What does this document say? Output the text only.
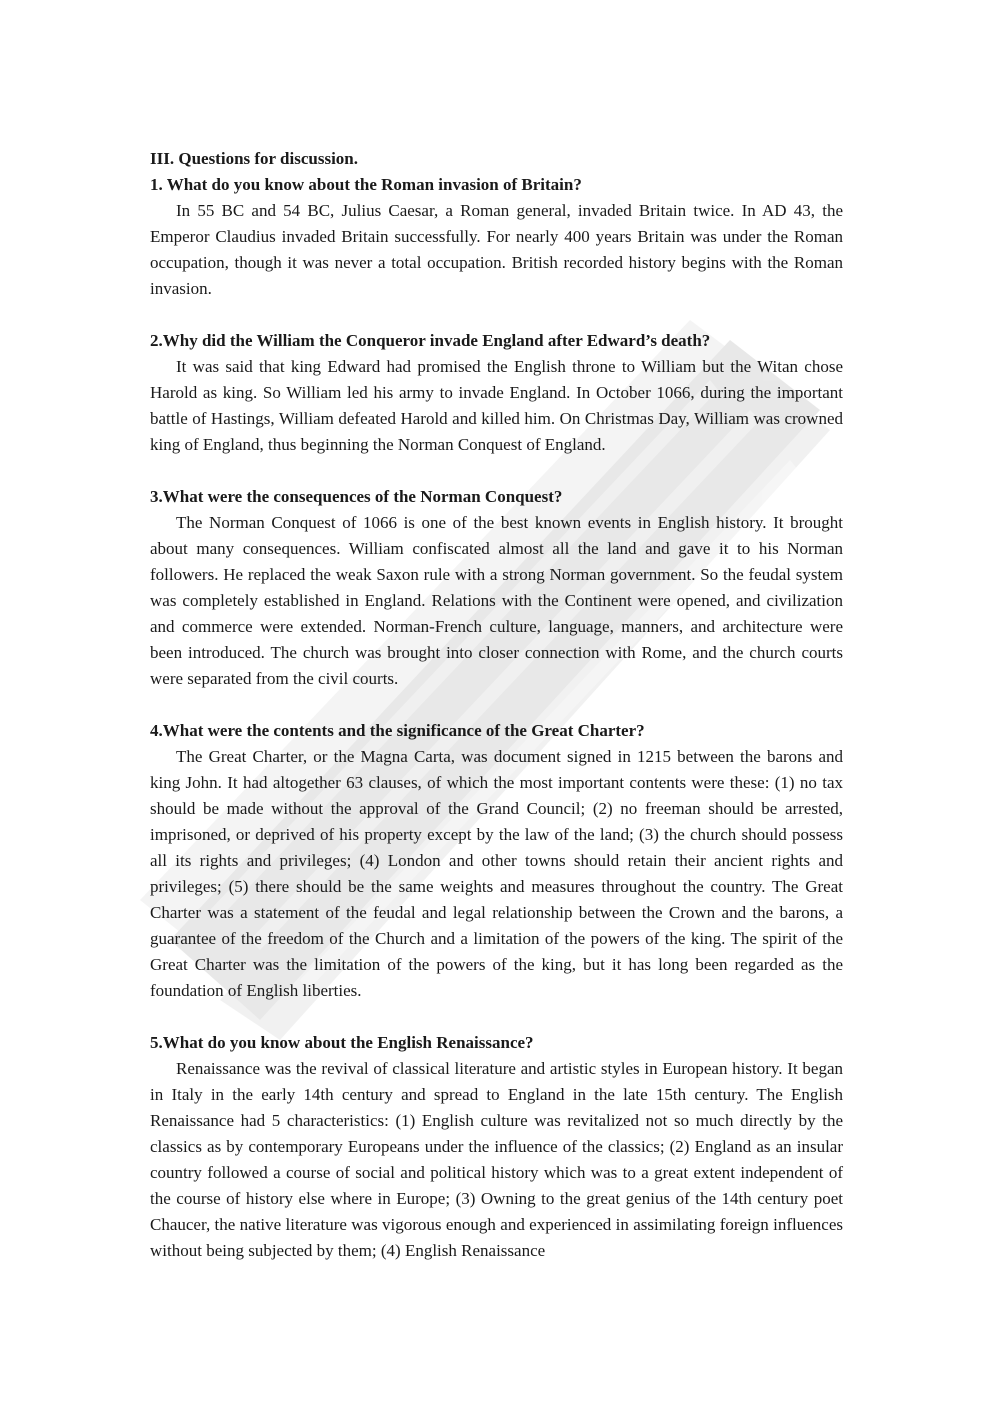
III. Questions for discussion.

1. What do you know about the Roman invasion of Britain?

In 55 BC and 54 BC, Julius Caesar, a Roman general, invaded Britain twice. In AD 43, the Emperor Claudius invaded Britain successfully. For nearly 400 years Britain was under the Roman occupation, though it was never a total occupation. British recorded history begins with the Roman invasion.

2.Why did the William the Conqueror invade England after Edward’s death?

It was said that king Edward had promised the English throne to William but the Witan chose Harold as king. So William led his army to invade England. In October 1066, during the important battle of Hastings, William defeated Harold and killed him. On Christmas Day, William was crowned king of England, thus beginning the Norman Conquest of England.

3.What were the consequences of the Norman Conquest?

The Norman Conquest of 1066 is one of the best known events in English history. It brought about many consequences. William confiscated almost all the land and gave it to his Norman followers. He replaced the weak Saxon rule with a strong Norman government. So the feudal system was completely established in England. Relations with the Continent were opened, and civilization and commerce were extended. Norman-French culture, language, manners, and architecture were been introduced. The church was brought into closer connection with Rome, and the church courts were separated from the civil courts.

4.What were the contents and the significance of the Great Charter?

The Great Charter, or the Magna Carta, was document signed in 1215 between the barons and king John. It had altogether 63 clauses, of which the most important contents were these: (1) no tax should be made without the approval of the Grand Council; (2) no freeman should be arrested, imprisoned, or deprived of his property except by the law of the land; (3) the church should possess all its rights and privileges; (4) London and other towns should retain their ancient rights and privileges; (5) there should be the same weights and measures throughout the country. The Great Charter was a statement of the feudal and legal relationship between the Crown and the barons, a guarantee of the freedom of the Church and a limitation of the powers of the king. The spirit of the Great Charter was the limitation of the powers of the king, but it has long been regarded as the foundation of English liberties.

5.What do you know about the English Renaissance?

Renaissance was the revival of classical literature and artistic styles in European history. It began in Italy in the early 14th century and spread to England in the late 15th century. The English Renaissance had 5 characteristics: (1) English culture was revitalized not so much directly by the classics as by contemporary Europeans under the influence of the classics; (2) England as an insular country followed a course of social and political history which was to a great extent independent of the course of history else where in Europe; (3) Owning to the great genius of the 14th century poet Chaucer, the native literature was vigorous enough and experienced in assimilating foreign influences without being subjected by them; (4) English Renaissance
